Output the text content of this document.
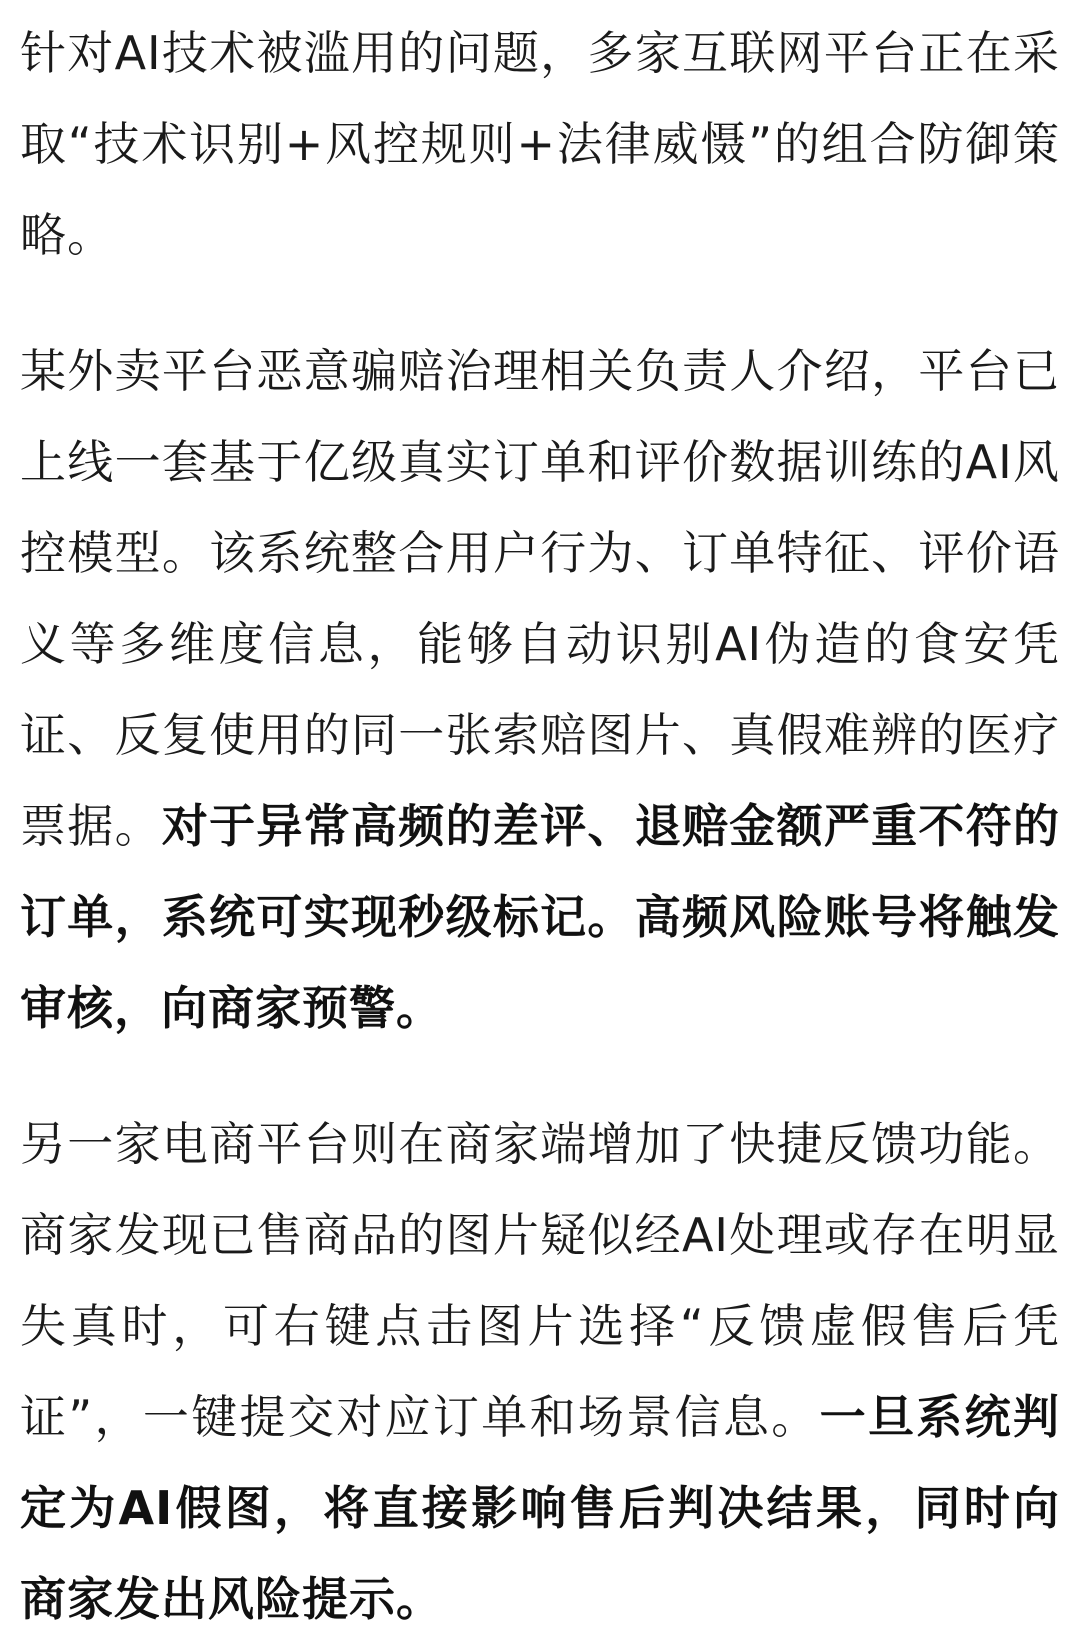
针对AI技术被滥用的问题，多家互联网平台正在采取“技术识别+风控规则+法律威慑”的组合防御策略。

某外卖平台恶意骗赔治理相关负责人介绍，平台已上线一套基于亿级真实订单和评价数据训练的AI风控模型。该系统整合用户行为、订单特征、评价语义等多维度信息，能够自动识别AI伪造的食安凭证、反复使用的同一张索赔图片、真假难辨的医疗票据。对于异常高频的差评、退赔金额严重不符的订单，系统可实现秒级标记。高频风险账号将触发审核，向商家预警。

另一家电商平台则在商家端增加了快捷反馈功能。商家发现已售商品的图片疑似经AI处理或存在明显失真时，可右键点击图片选择“反馈虚假售后凭证”，一键提交对应订单和场景信息。一旦系统判定为AI假图，将直接影响售后判决结果，同时向商家发出风险提示。
